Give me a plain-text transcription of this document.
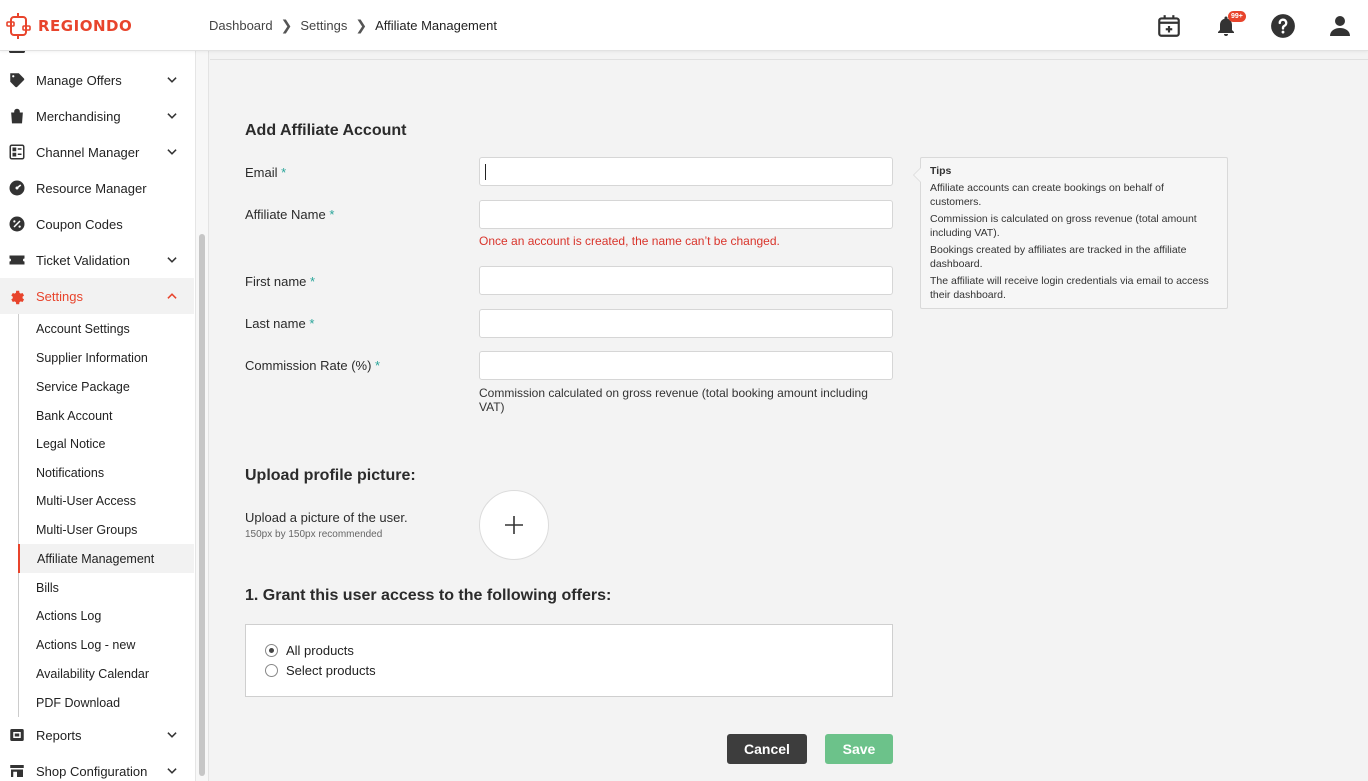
REGIONDO	Dashboard ❯ Settings ❯ Affiliate Management
99+
Manage Offers
Merchandising
Channel Manager
Resource Manager
Coupon Codes
Ticket Validation
Settings
Account Settings
Supplier Information
Service Package
Bank Account
Legal Notice
Notifications
Multi-User Access
Multi-User Groups
Affiliate Management
Bills
Actions Log
Actions Log - new
Availability Calendar
PDF Download
Reports
Shop Configuration
Add Affiliate Account
Email *
Affiliate Name *
Once an account is created, the name can’t be changed.
First name *
Last name *
Commission Rate (%) *
Commission calculated on gross revenue (total booking amount including VAT)
Tips

Affiliate accounts can create bookings on behalf of customers.

Commission is calculated on gross revenue (total amount including VAT).

Bookings created by affiliates are tracked in the affiliate dashboard.

The affiliate will receive login credentials via email to access their dashboard.

Upload profile picture:
Upload a picture of the user.
150px by 150px recommended
1. Grant this user access to the following offers:
All products
Select products
Cancel	Save
